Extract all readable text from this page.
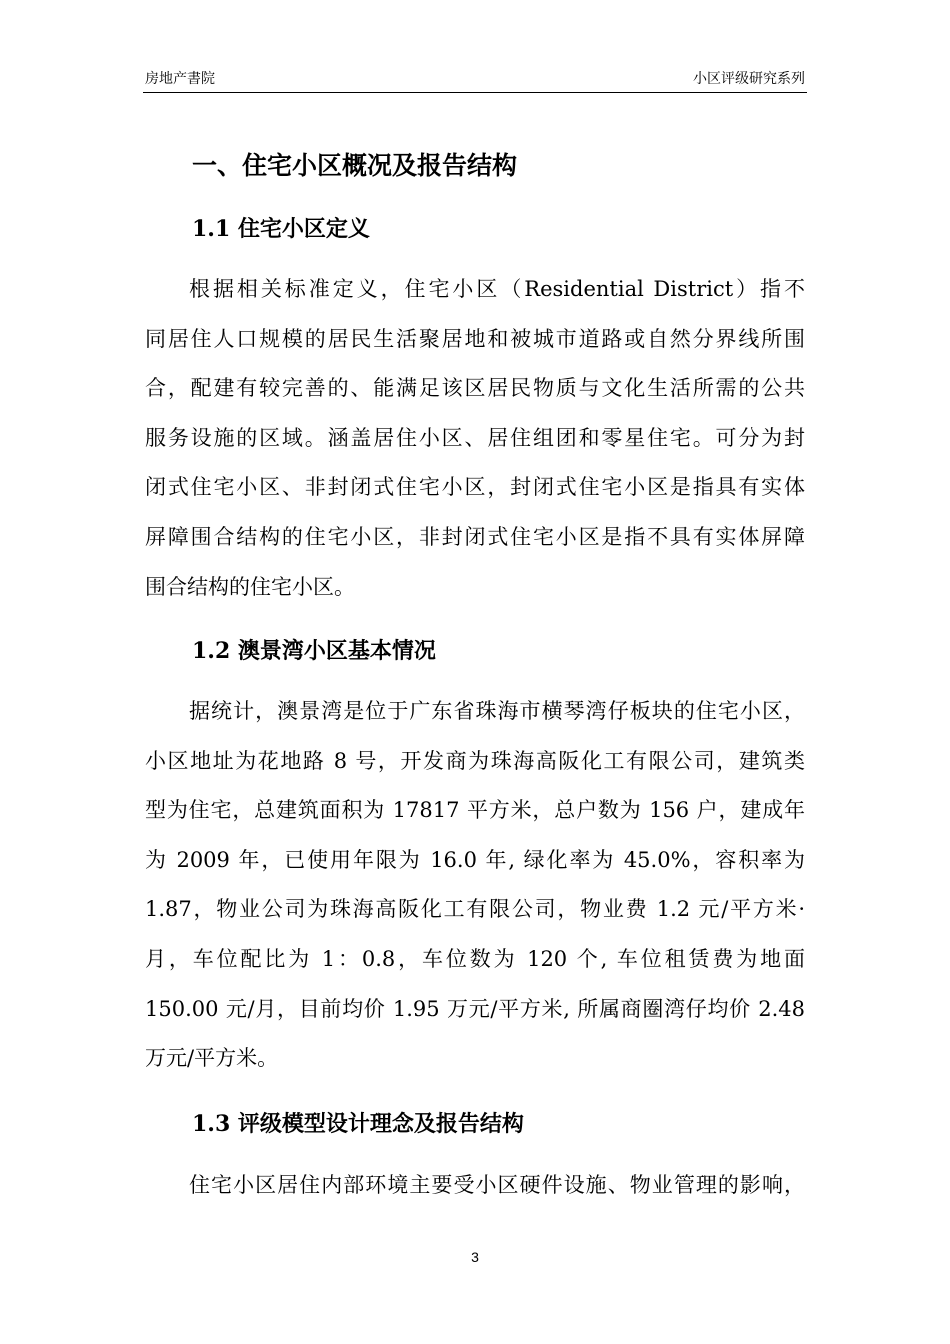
房地产書院	小区评级研究系列
一、住宅小区概况及报告结构
1.1 住宅小区定义
根据相关标准定义，住宅小区（Residential District）指不
同居住人口规模的居民生活聚居地和被城市道路或自然分界线所围
合，配建有较完善的、能满足该区居民物质与文化生活所需的公共
服务设施的区域。涵盖居住小区、居住组团和零星住宅。可分为封
闭式住宅小区、非封闭式住宅小区，封闭式住宅小区是指具有实体
屏障围合结构的住宅小区，非封闭式住宅小区是指不具有实体屏障
围合结构的住宅小区。
1.2 澳景湾小区基本情况
据统计，澳景湾是位于广东省珠海市横琴湾仔板块的住宅小区，
小区地址为花地路 8 号，开发商为珠海高阪化工有限公司，建筑类
型为住宅，总建筑面积为 17817 平方米，总户数为 156 户，建成年
为 2009 年，已使用年限为 16.0 年, 绿化率为 45.0%，容积率为
1.87，物业公司为珠海高阪化工有限公司，物业费 1.2 元/平方米·
月，车位配比为 1：0.8，车位数为 120 个, 车位租赁费为地面
150.00 元/月，目前均价 1.95 万元/平方米, 所属商圈湾仔均价 2.48
万元/平方米。
1.3 评级模型设计理念及报告结构
住宅小区居住内部环境主要受小区硬件设施、物业管理的影响，
3
